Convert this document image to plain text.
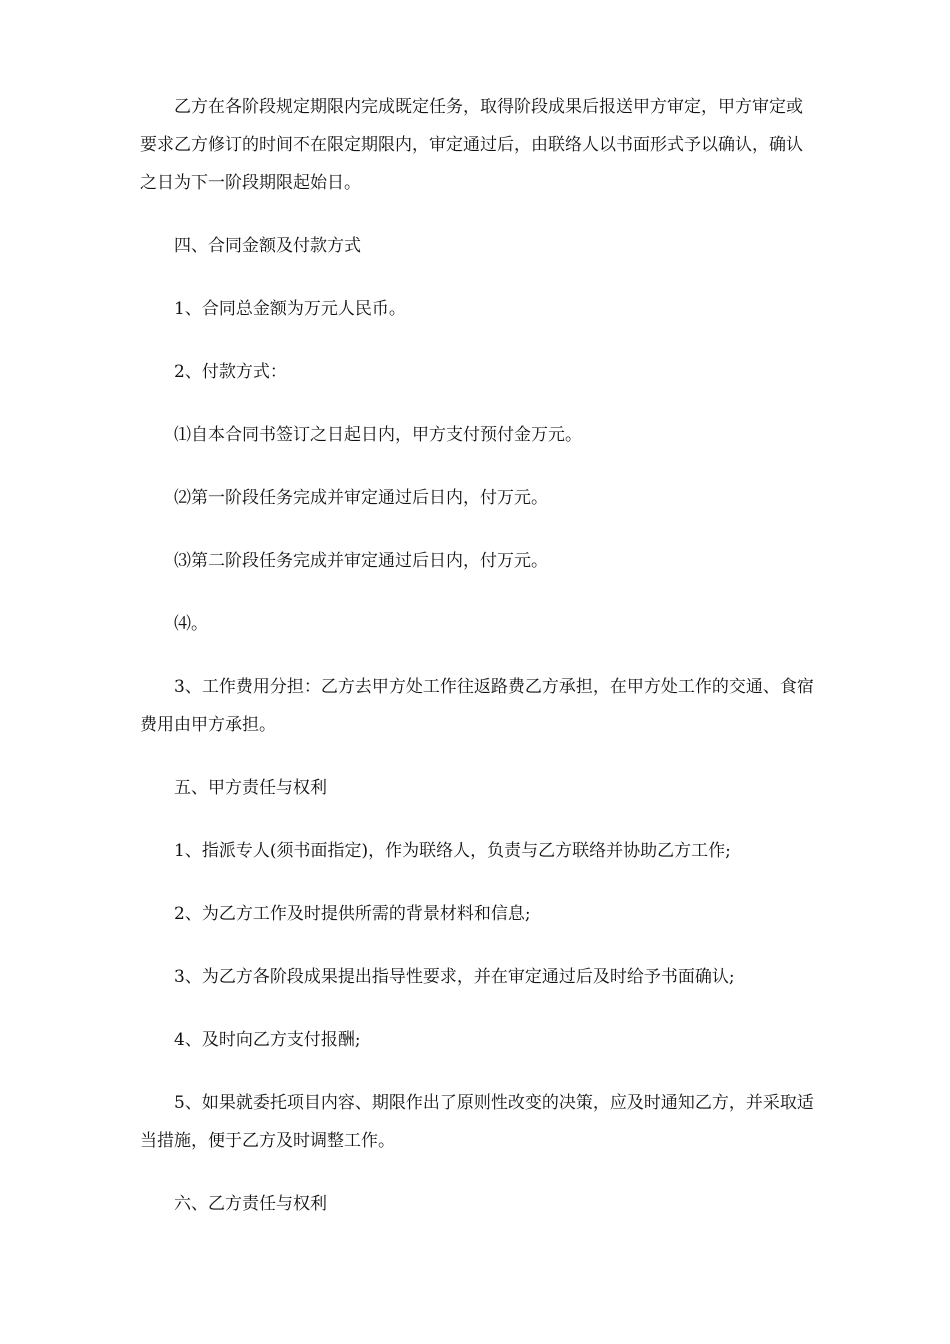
乙方在各阶段规定期限内完成既定任务，取得阶段成果后报送甲方审定，甲方审定或要求乙方修订的时间不在限定期限内，审定通过后，由联络人以书面形式予以确认，确认之日为下一阶段期限起始日。

四、合同金额及付款方式

1、合同总金额为万元人民币。

2、付款方式：

⑴自本合同书签订之日起日内，甲方支付预付金万元。

⑵第一阶段任务完成并审定通过后日内，付万元。

⑶第二阶段任务完成并审定通过后日内，付万元。

⑷。

3、工作费用分担：乙方去甲方处工作往返路费乙方承担，在甲方处工作的交通、食宿费用由甲方承担。

五、甲方责任与权利

1、指派专人(须书面指定)，作为联络人，负责与乙方联络并协助乙方工作;

2、为乙方工作及时提供所需的背景材料和信息;

3、为乙方各阶段成果提出指导性要求，并在审定通过后及时给予书面确认;

4、及时向乙方支付报酬;

5、如果就委托项目内容、期限作出了原则性改变的决策，应及时通知乙方，并采取适当措施，便于乙方及时调整工作。

六、乙方责任与权利
